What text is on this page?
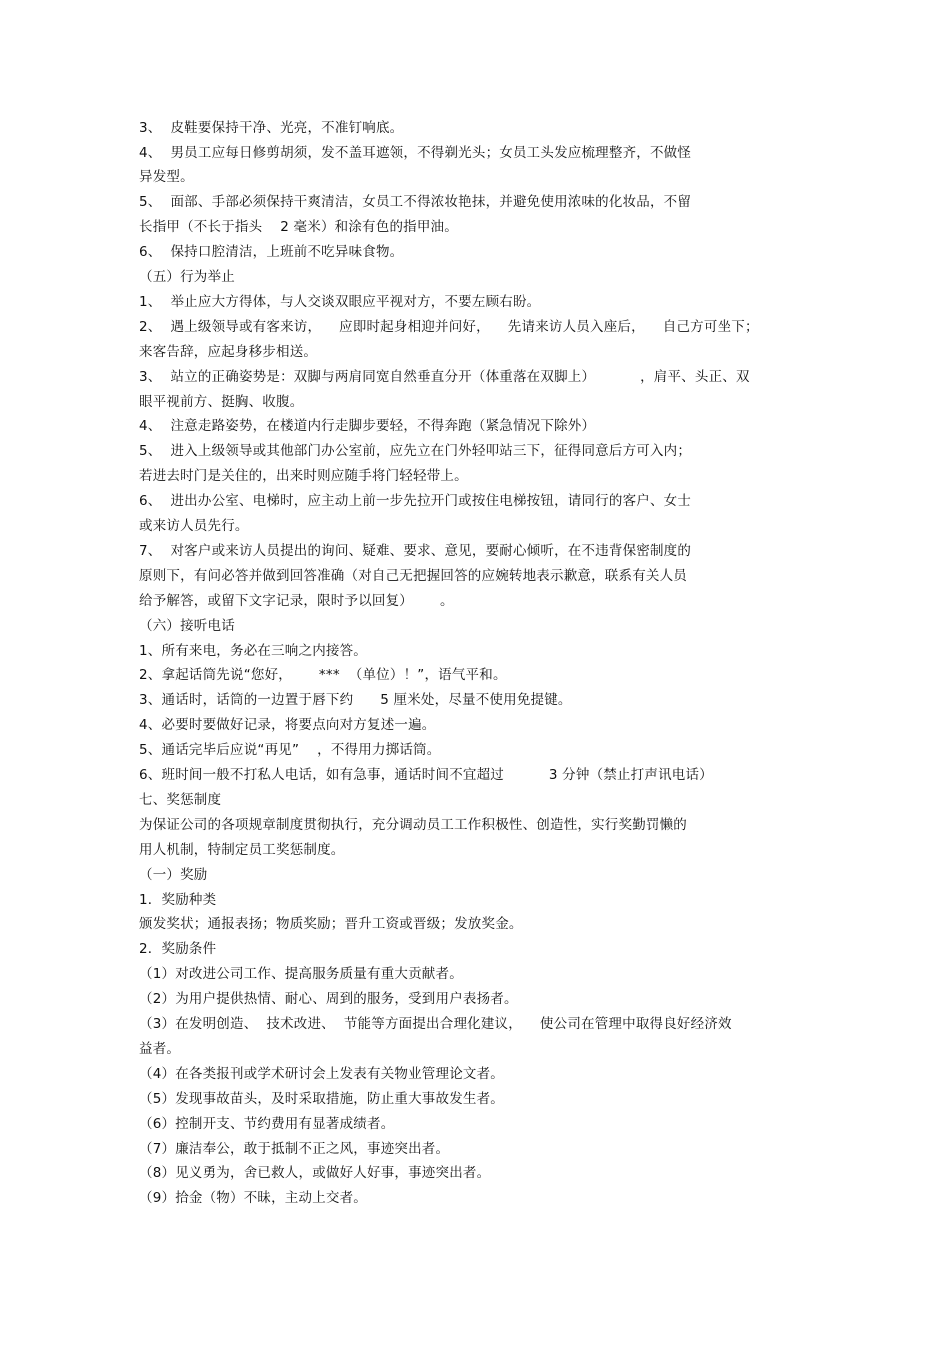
3、  皮鞋要保持干净、光亮，不准钉响底。
4、  男员工应每日修剪胡须，发不盖耳遮领，不得剃光头；女员工头发应梳理整齐，不做怪
异发型。
5、  面部、手部必须保持干爽清洁，女员工不得浓妆艳抹，并避免使用浓味的化妆品，不留
长指甲（不长于指头    2 毫米）和涂有色的指甲油。
6、  保持口腔清洁，上班前不吃异味食物。
（五）行为举止
1、  举止应大方得体，与人交谈双眼应平视对方，不要左顾右盼。
2、  遇上级领导或有客来访，    应即时起身相迎并问好，    先请来访人员入座后，    自己方可坐下；
来客告辞，应起身移步相送。
3、  站立的正确姿势是：双脚与两肩同宽自然垂直分开（体重落在双脚上）          ，肩平、头正、双
眼平视前方、挺胸、收腹。
4、  注意走路姿势，在楼道内行走脚步要轻，不得奔跑（紧急情况下除外）
5、  进入上级领导或其他部门办公室前，应先立在门外轻叩站三下，征得同意后方可入内；
若进去时门是关住的，出来时则应随手将门轻轻带上。
6、  进出办公室、电梯时，应主动上前一步先拉开门或按住电梯按钮，请同行的客户、女士
或来访人员先行。
7、  对客户或来访人员提出的询问、疑难、要求、意见，要耐心倾听，在不违背保密制度的
原则下，有问必答并做到回答准确（对自己无把握回答的应婉转地表示歉意，联系有关人员
给予解答，或留下文字记录，限时予以回复）      。
（六）接听电话
1、所有来电，务必在三响之内接答。
2、拿起话筒先说“您好，      ***  （单位）！”，语气平和。
3、通话时，话筒的一边置于唇下约      5 厘米处，尽量不使用免提键。
4、必要时要做好记录，将要点向对方复述一遍。
5、通话完毕后应说“再见”    ，不得用力掷话筒。
6、班时间一般不打私人电话，如有急事，通话时间不宜超过          3 分钟（禁止打声讯电话）
七、奖惩制度
为保证公司的各项规章制度贯彻执行，充分调动员工工作积极性、创造性，实行奖勤罚懒的
用人机制，特制定员工奖惩制度。
（一）奖励
1．奖励种类
颁发奖状；通报表扬；物质奖励；晋升工资或晋级；发放奖金。
2．奖励条件
（1）对改进公司工作、提高服务质量有重大贡献者。
（2）为用户提供热情、耐心、周到的服务，受到用户表扬者。
（3）在发明创造、  技术改进、  节能等方面提出合理化建议，    使公司在管理中取得良好经济效
益者。
（4）在各类报刊或学术研讨会上发表有关物业管理论文者。
（5）发现事故苗头，及时采取措施，防止重大事故发生者。
（6）控制开支、节约费用有显著成绩者。
（7）廉洁奉公，敢于抵制不正之风，事迹突出者。
（8）见义勇为，舍已救人，或做好人好事，事迹突出者。
（9）拾金（物）不昧，主动上交者。
